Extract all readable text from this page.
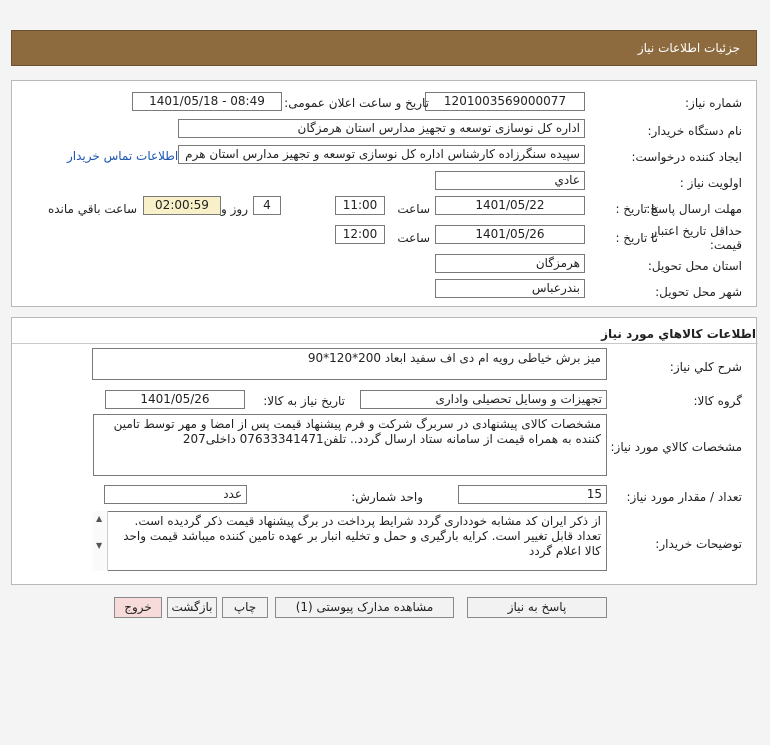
جزئیات اطلاعات نیاز
شماره نیاز:
1201003569000077
تاریخ و ساعت اعلان عمومی:
1401/05/18 - 08:49
نام دستگاه خریدار:
اداره کل نوسازی توسعه و تجهیز مدارس استان هرمزگان
ایجاد کننده درخواست:
سپیده سنگرزاده کارشناس اداره کل نوسازی توسعه و تجهیز مدارس استان هرم
اطلاعات تماس خریدار
اولویت نیاز :
عادي
مهلت ارسال پاسخ:
تا تاریخ :
1401/05/22
ساعت
11:00
4
روز و
02:00:59
ساعت باقي مانده
حداقل تاریخ اعتبار
قیمت:
تا تاریخ :
1401/05/26
ساعت
12:00
استان محل تحویل:
هرمزگان
شهر محل تحویل:
بندرعباس
اطلاعات کالاهاي مورد نياز
شرح کلي نياز:
میز برش خیاطی رویه ام دی اف سفید ابعاد 200*120*90
گروه کالا:
تجهیزات و وسایل تحصیلی واداری
تاریخ نیاز به کالا:
1401/05/26
مشخصات کالاي مورد نياز:
مشخصات کالای پیشنهادی در سربرگ شرکت و فرم پیشنهاد قیمت پس از امضا و مهر توسط تامین کننده به همراه قیمت از سامانه ستاد ارسال گردد.. تلفن07633341471 داخلی207
تعداد / مقدار مورد نیاز:
15
واحد شمارش:
عدد
توضیحات خریدار:
از ذکر ایران کد مشابه خودداری گردد شرایط پرداخت در برگ پیشنهاد قیمت ذکر گردیده است. تعداد قابل تغییر است. کرایه بارگیری و حمل و تخلیه انبار بر عهده تامین کننده میباشد قیمت واحد کالا اعلام گردد
▲
▼
پاسخ به نیاز
مشاهده مدارک پیوستی (1)
چاپ
بازگشت
خروج
